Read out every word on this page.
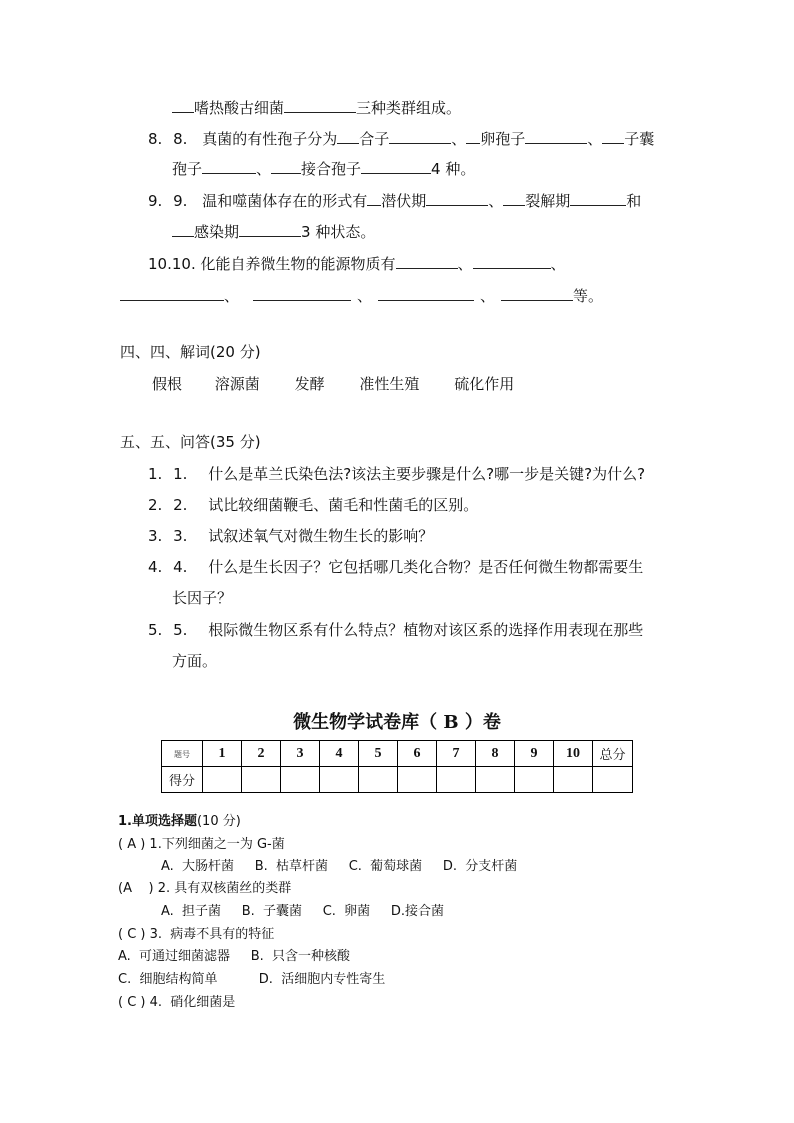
嗜热酸古细菌	三种类群组成。
8. 8. 真菌的有性孢子分为 合子	、 卵孢子	、 子囊
孢子	、 接合孢子	4 种。
9. 9. 温和噬菌体存在的形式有 潜伏期	、 裂解期	和
感染期	3 种状态。
10.10. 化能自养微生物的能源物质有	、	、
、	、	、	等。
四、四、解词(20 分)
假根 溶源菌 发酵 准性生殖 硫化作用
五、五、问答(35 分)
1. 1. 什么是革兰氏染色法?该法主要步骤是什么?哪一步是关键?为什么?
2. 2. 试比较细菌鞭毛、菌毛和性菌毛的区别。
3. 3. 试叙述氧气对微生物生长的影响？
4. 4. 什么是生长因子？它包括哪几类化合物？是否任何微生物都需要生
长因子？
5. 5. 根际微生物区系有什么特点？植物对该区系的选择作用表现在那些
方面。
微生物学试卷库（ B ）卷
题号	1	2	3	4	5	6	7	8	9	10	总分
得分											
1.单项选择题(10 分)
( A ) 1.下列细菌之一为 G-菌
A.  大肠杆菌     B.  枯草杆菌     C.  葡萄球菌     D.  分支杆菌
(A    ) 2. 具有双核菌丝的类群
A.  担子菌     B.  子囊菌     C.  卵菌     D.接合菌
( C ) 3.  病毒不具有的特征
A.  可通过细菌滤器     B.  只含一种核酸
C.  细胞结构简单          D.  活细胞内专性寄生
( C ) 4.  硝化细菌是
